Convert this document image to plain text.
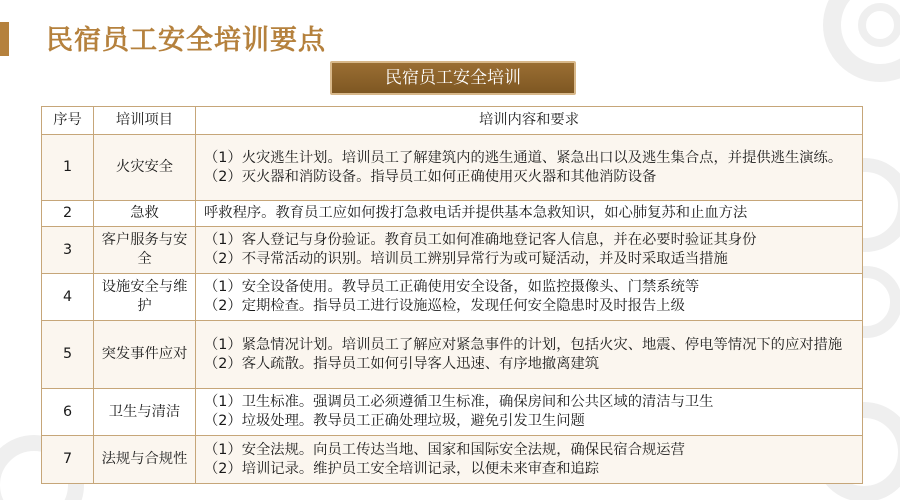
民宿员工安全培训要点
民宿员工安全培训
序号	培训项目	培训内容和要求
1	火灾安全	（1）火灾逃生计划。培训员工了解建筑内的逃生通道、紧急出口以及逃生集合点，并提供逃生演练。
（2）灭火器和消防设备。指导员工如何正确使用灭火器和其他消防设备

2	急救	呼救程序。教育员工应如何拨打急救电话并提供基本急救知识，如心肺复苏和止血方法

3	客户服务与安全	（1）客人登记与身份验证。教育员工如何准确地登记客人信息，并在必要时验证其身份
（2）不寻常活动的识别。培训员工辨别异常行为或可疑活动，并及时采取适当措施

4	设施安全与维护	（1）安全设备使用。教导员工正确使用安全设备，如监控摄像头、门禁系统等
（2）定期检查。指导员工进行设施巡检，发现任何安全隐患时及时报告上级

5	突发事件应对	（1）紧急情况计划。培训员工了解应对紧急事件的计划，包括火灾、地震、停电等情况下的应对措施
（2）客人疏散。指导员工如何引导客人迅速、有序地撤离建筑

6	卫生与清洁	（1）卫生标准。强调员工必须遵循卫生标准，确保房间和公共区域的清洁与卫生
（2）垃圾处理。教导员工正确处理垃圾，避免引发卫生问题

7	法规与合规性	（1）安全法规。向员工传达当地、国家和国际安全法规，确保民宿合规运营
（2）培训记录。维护员工安全培训记录，以便未来审查和追踪
